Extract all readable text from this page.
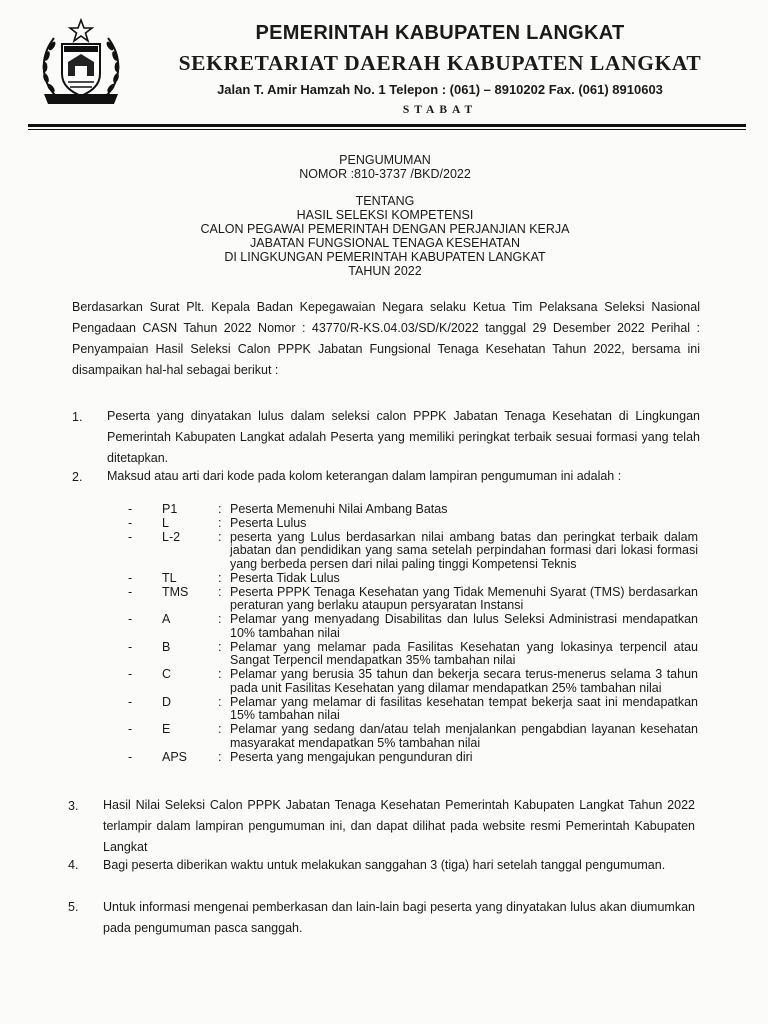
PEMERINTAH KABUPATEN LANGKAT
SEKRETARIAT DAERAH KABUPATEN LANGKAT
Jalan T. Amir Hamzah No. 1 Telepon : (061) – 8910202 Fax. (061) 8910603
STABAT
PENGUMUMAN
NOMOR :810-3737 /BKD/2022
TENTANG
HASIL SELEKSI KOMPETENSI
CALON PEGAWAI PEMERINTAH DENGAN PERJANJIAN KERJA
JABATAN FUNGSIONAL TENAGA KESEHATAN
DI LINGKUNGAN PEMERINTAH KABUPATEN LANGKAT
TAHUN 2022
Berdasarkan Surat Plt. Kepala Badan Kepegawaian Negara selaku Ketua Tim Pelaksana Seleksi Nasional Pengadaan CASN Tahun 2022 Nomor : 43770/R-KS.04.03/SD/K/2022 tanggal 29 Desember 2022 Perihal : Penyampaian Hasil Seleksi Calon PPPK Jabatan Fungsional Tenaga Kesehatan Tahun 2022, bersama ini disampaikan hal-hal sebagai berikut :
1. Peserta yang dinyatakan lulus dalam seleksi calon PPPK Jabatan Tenaga Kesehatan di Lingkungan Pemerintah Kabupaten Langkat adalah Peserta yang memiliki peringkat terbaik sesuai formasi yang telah ditetapkan.
2. Maksud atau arti dari kode pada kolom keterangan dalam lampiran pengumuman ini adalah :
-	P1	: Peserta Memenuhi Nilai Ambang Batas
-	L	: Peserta Lulus
-	L-2	: peserta yang Lulus berdasarkan nilai ambang batas dan peringkat terbaik dalam jabatan dan pendidikan yang sama setelah perpindahan formasi dari lokasi formasi yang berbeda persen dari nilai paling tinggi Kompetensi Teknis
-	TL	: Peserta Tidak Lulus
-	TMS	: Peserta PPPK Tenaga Kesehatan yang Tidak Memenuhi Syarat (TMS) berdasarkan peraturan yang berlaku ataupun persyaratan Instansi
-	A	: Pelamar yang menyadang Disabilitas dan lulus Seleksi Administrasi mendapatkan 10% tambahan nilai
-	B	: Pelamar yang melamar pada Fasilitas Kesehatan yang lokasinya terpencil atau Sangat Terpencil mendapatkan 35% tambahan nilai
-	C	: Pelamar yang berusia 35 tahun dan bekerja secara terus-menerus selama 3 tahun pada unit Fasilitas Kesehatan yang dilamar mendapatkan 25% tambahan nilai
-	D	: Pelamar yang melamar di fasilitas kesehatan tempat bekerja saat ini mendapatkan 15% tambahan nilai
-	E	: Pelamar yang sedang dan/atau telah menjalankan pengabdian layanan kesehatan masyarakat mendapatkan 5% tambahan nilai
-	APS	: Peserta yang mengajukan pengunduran diri
3. Hasil Nilai Seleksi Calon PPPK Jabatan Tenaga Kesehatan Pemerintah Kabupaten Langkat Tahun 2022 terlampir dalam lampiran pengumuman ini, dan dapat dilihat pada website resmi Pemerintah Kabupaten Langkat
4. Bagi peserta diberikan waktu untuk melakukan sanggahan 3 (tiga) hari setelah tanggal pengumuman.
5. Untuk informasi mengenai pemberkasan dan lain-lain bagi peserta yang dinyatakan lulus akan diumumkan pada pengumuman pasca sanggah.
